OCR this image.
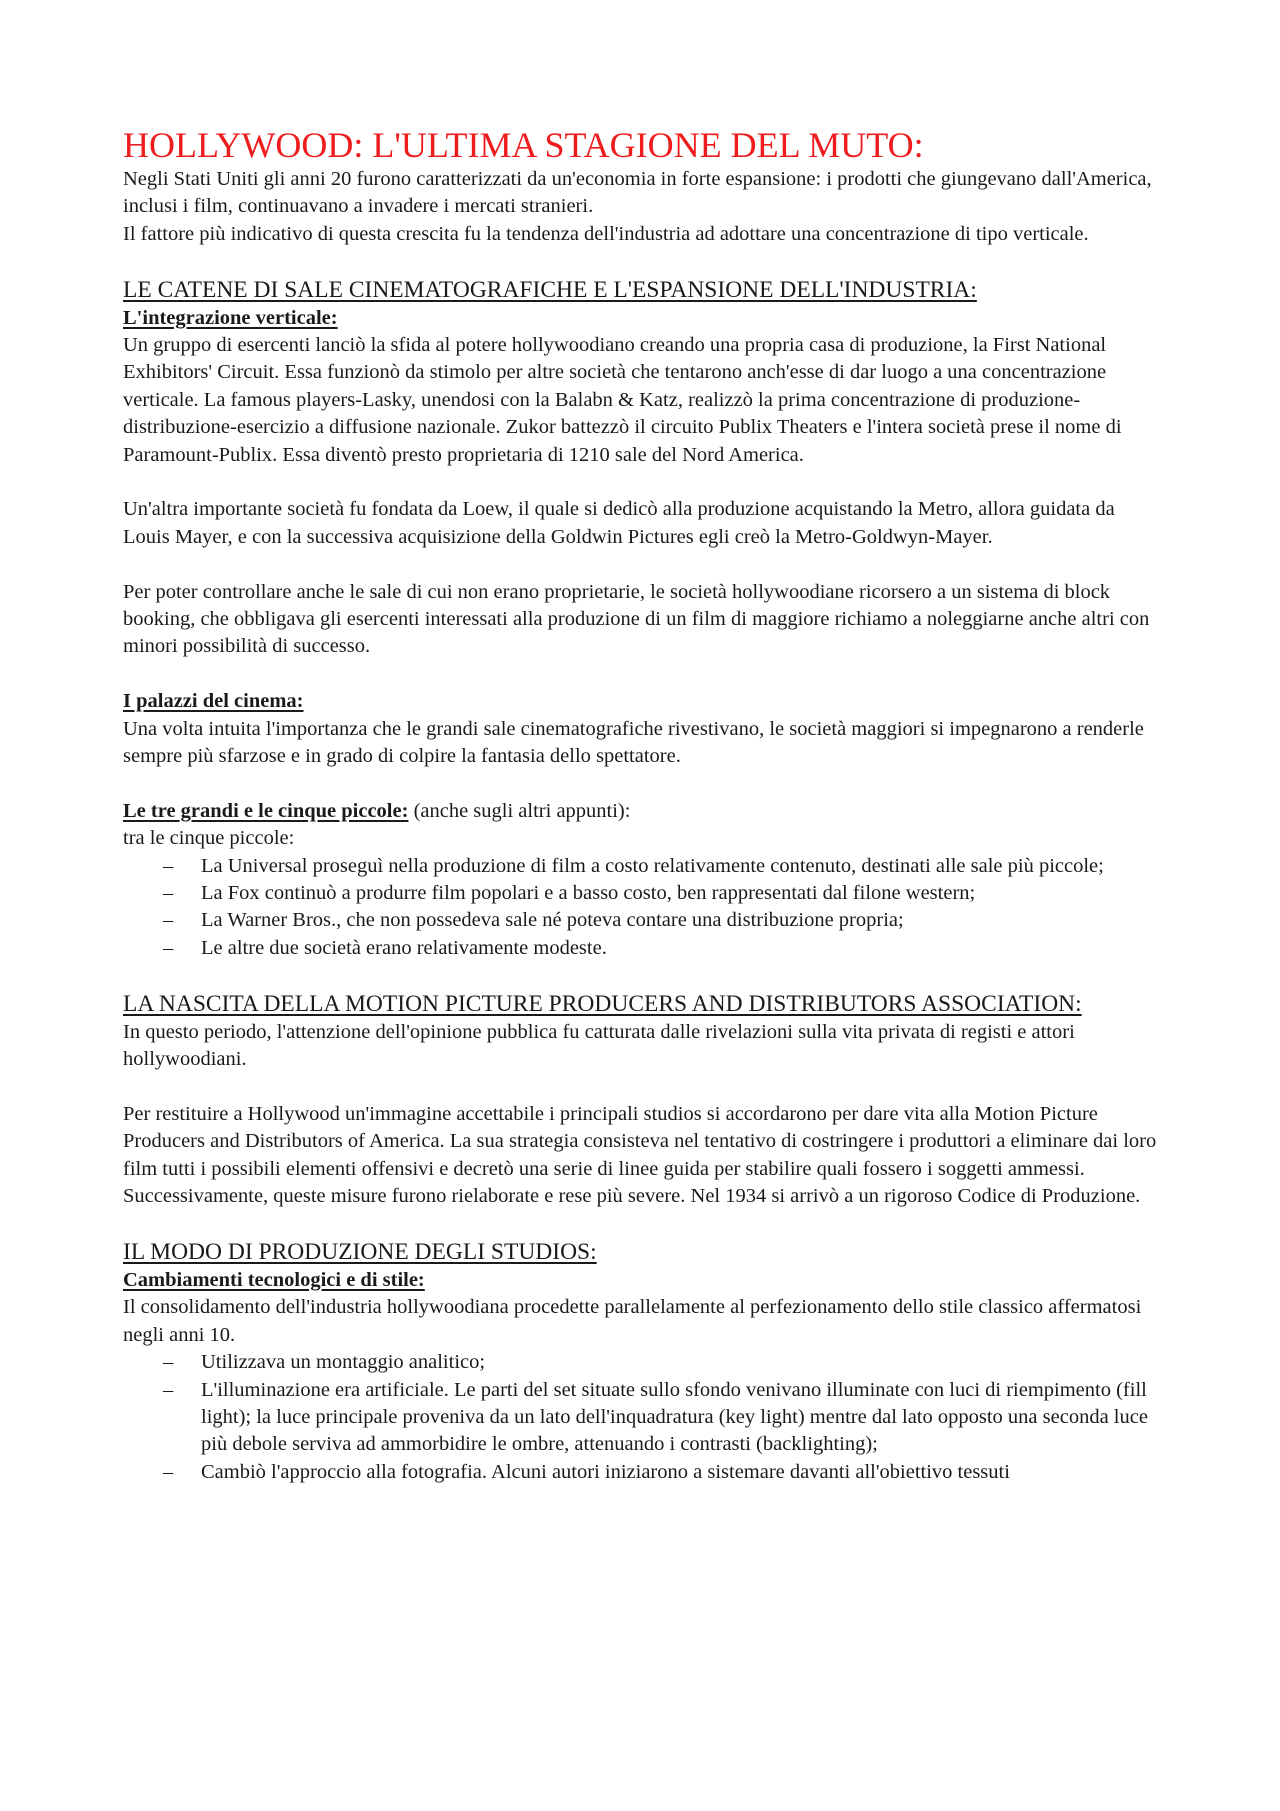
HOLLYWOOD: L'ULTIMA STAGIONE DEL MUTO:

Negli Stati Uniti gli anni 20 furono caratterizzati da un'economia in forte espansione: i prodotti che giungevano dall'America, inclusi i film, continuavano a invadere i mercati stranieri.

Il fattore più indicativo di questa crescita fu la tendenza dell'industria ad adottare una concentrazione di tipo verticale.

LE CATENE DI SALE CINEMATOGRAFICHE E L'ESPANSIONE DELL'INDUSTRIA:
L'integrazione verticale:

Un gruppo di esercenti lanciò la sfida al potere hollywoodiano creando una propria casa di produzione, la First National Exhibitors' Circuit. Essa funzionò da stimolo per altre società che tentarono anch'esse di dar luogo a una concentrazione verticale. La famous players-Lasky, unendosi con la Balabn & Katz, realizzò la prima concentrazione di produzione-distribuzione-esercizio a diffusione nazionale. Zukor battezzò il circuito Publix Theaters e l'intera società prese il nome di Paramount-Publix. Essa diventò presto proprietaria di 1210 sale del Nord America.

Un'altra importante società fu fondata da Loew, il quale si dedicò alla produzione acquistando la Metro, allora guidata da Louis Mayer, e con la successiva acquisizione della Goldwin Pictures egli creò la Metro-Goldwyn-Mayer.

Per poter controllare anche le sale di cui non erano proprietarie, le società hollywoodiane ricorsero a un sistema di block booking, che obbligava gli esercenti interessati alla produzione di un film di maggiore richiamo a noleggiarne anche altri con minori possibilità di successo.

I palazzi del cinema:

Una volta intuita l'importanza che le grandi sale cinematografiche rivestivano, le società maggiori si impegnarono a renderle sempre più sfarzose e in grado di colpire la fantasia dello spettatore.

Le tre grandi e le cinque piccole: (anche sugli altri appunti):

tra le cinque piccole:

– La Universal proseguì nella produzione di film a costo relativamente contenuto, destinati alle sale più piccole;
– La Fox continuò a produrre film popolari e a basso costo, ben rappresentati dal filone western;
– La Warner Bros., che non possedeva sale né poteva contare una distribuzione propria;
– Le altre due società erano relativamente modeste.
LA NASCITA DELLA MOTION PICTURE PRODUCERS AND DISTRIBUTORS ASSOCIATION:

In questo periodo, l'attenzione dell'opinione pubblica fu catturata dalle rivelazioni sulla vita privata di registi e attori hollywoodiani.

Per restituire a Hollywood un'immagine accettabile i principali studios si accordarono per dare vita alla Motion Picture Producers and Distributors of America. La sua strategia consisteva nel tentativo di costringere i produttori a eliminare dai loro film tutti i possibili elementi offensivi e decretò una serie di linee guida per stabilire quali fossero i soggetti ammessi. Successivamente, queste misure furono rielaborate e rese più severe. Nel 1934 si arrivò a un rigoroso Codice di Produzione.

IL MODO DI PRODUZIONE DEGLI STUDIOS:
Cambiamenti tecnologici e di stile:

Il consolidamento dell'industria hollywoodiana procedette parallelamente al perfezionamento dello stile classico affermatosi negli anni 10.

– Utilizzava un montaggio analitico;
– L'illuminazione era artificiale. Le parti del set situate sullo sfondo venivano illuminate con luci di riempimento (fill light); la luce principale proveniva da un lato dell'inquadratura (key light) mentre dal lato opposto una seconda luce più debole serviva ad ammorbidire le ombre, attenuando i contrasti (backlighting);
– Cambiò l'approccio alla fotografia. Alcuni autori iniziarono a sistemare davanti all'obiettivo tessuti
